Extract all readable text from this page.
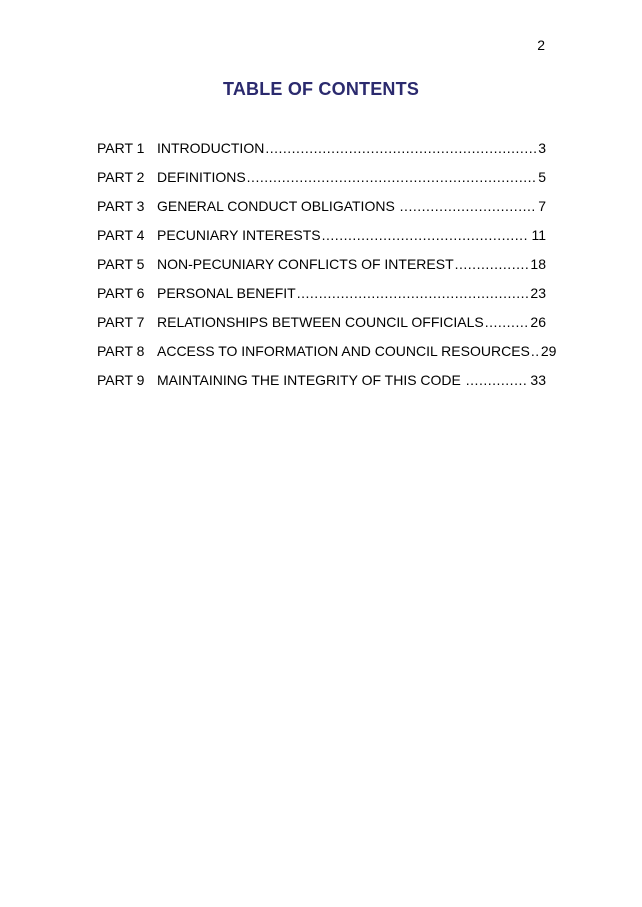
2
TABLE OF CONTENTS
PART 1 INTRODUCTION .....	3
PART 2 DEFINITIONS .....	5
PART 3 GENERAL CONDUCT OBLIGATIONS .....	7
PART 4 PECUNIARY INTERESTS .....	11
PART 5 NON-PECUNIARY CONFLICTS OF INTEREST .....	18
PART 6 PERSONAL BENEFIT .....	23
PART 7 RELATIONSHIPS BETWEEN COUNCIL OFFICIALS .....	26
PART 8 ACCESS TO INFORMATION AND COUNCIL RESOURCES ..... 29
PART 9 MAINTAINING THE INTEGRITY OF THIS CODE .....	33
